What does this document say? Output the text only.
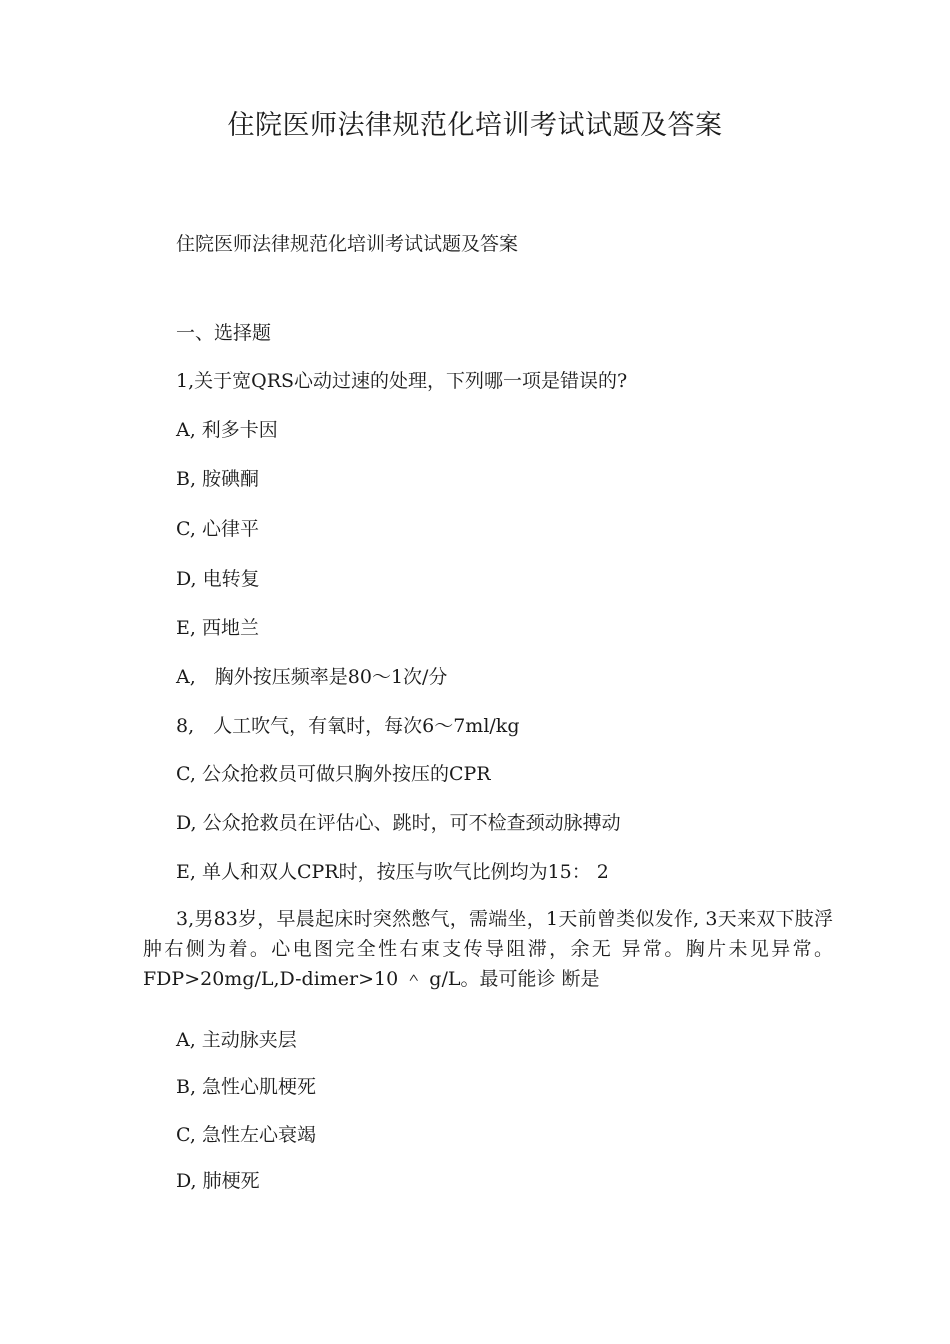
住院医师法律规范化培训考试试题及答案
住院医师法律规范化培训考试试题及答案
一、选择题
1,关于宽QRS心动过速的处理，下列哪一项是错误的?
A, 利多卡因
B, 胺碘酮
C, 心律平
D, 电转复
E, 西地兰
A,　胸外按压频率是80〜1次/分
8,　人工吹气，有氧时，每次6〜7ml/kg
C, 公众抢救员可做只胸外按压的CPR
D, 公众抢救员在评估心、跳时，可不检查颈动脉搏动
E, 单人和双人CPR时，按压与吹气比例均为15： 2
3,男83岁，早晨起床时突然憋气，需端坐，1天前曾类似发作, 3天来双下肢浮肿右侧为着。心电图完全性右束支传导阻滞，余无 异常。胸片未见异常。FDP>20mg/L,D-dimer>10 ＾ g/L。最可能诊 断是
A, 主动脉夹层
B, 急性心肌梗死
C, 急性左心衰竭
D, 肺梗死
